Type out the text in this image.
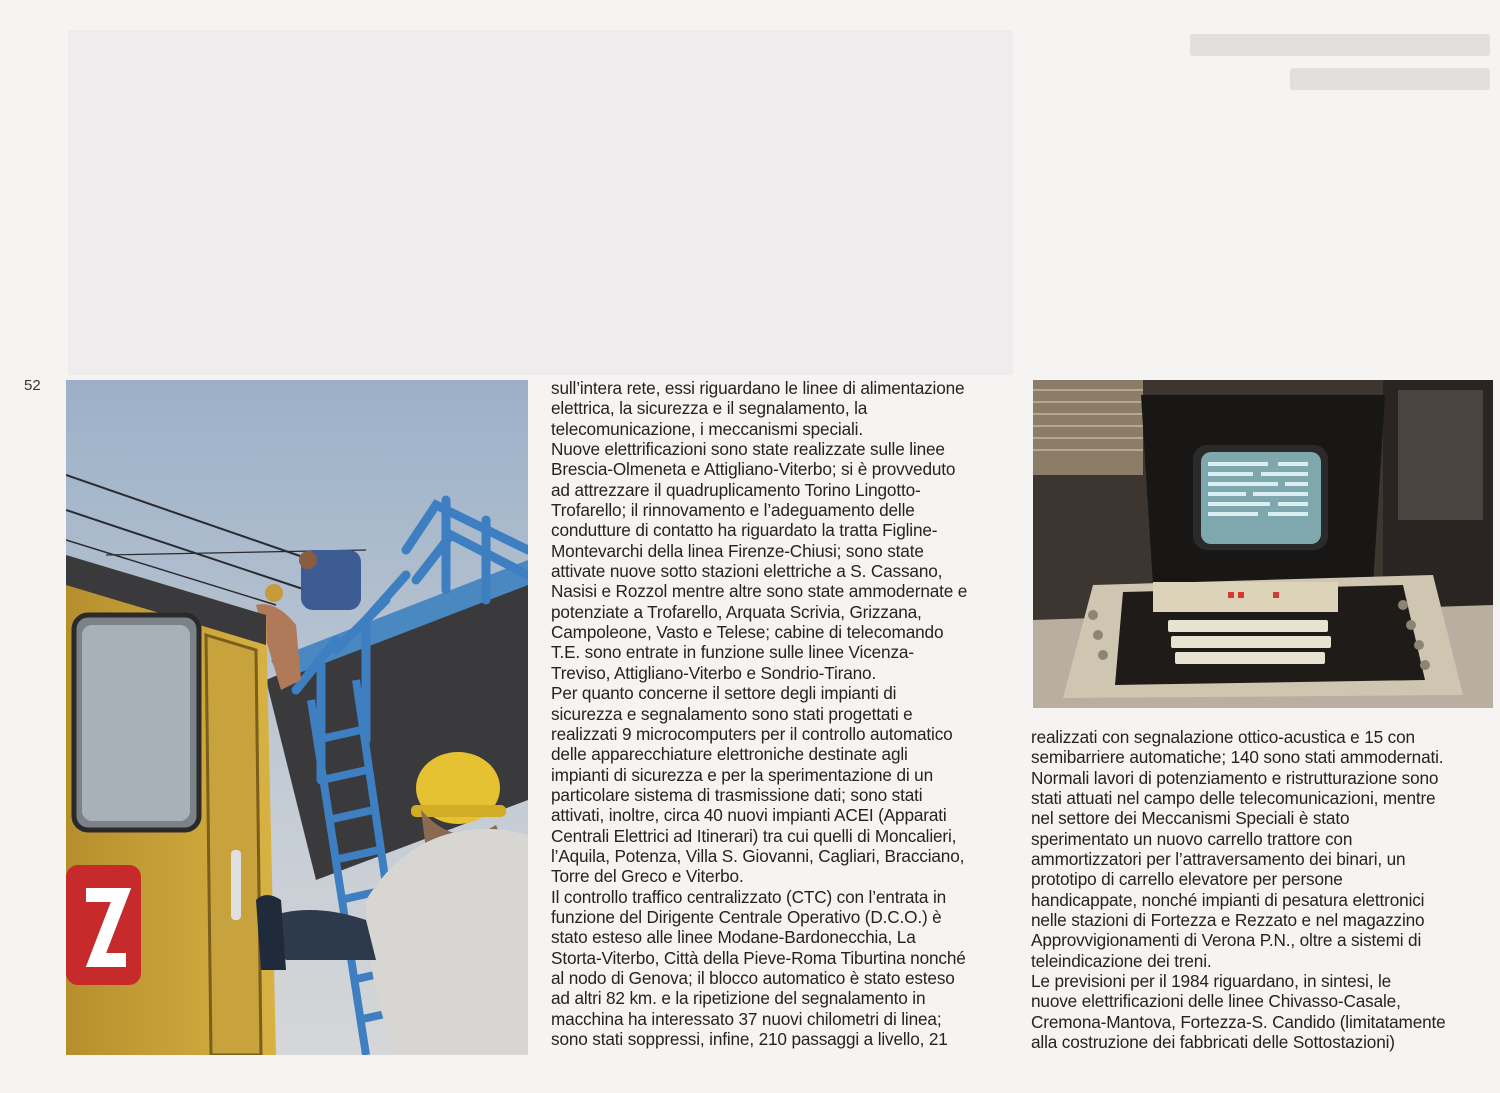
52	sull’intera rete, essi riguardano le linee di alimentazione
elettrica, la sicurezza e il segnalamento, la
telecomunicazione, i meccanismi speciali.
Nuove elettrificazioni sono state realizzate sulle linee
Brescia-Olmeneta e Attigliano-Viterbo; si è provveduto
ad attrezzare il quadruplicamento Torino Lingotto-
Trofarello; il rinnovamento e l’adeguamento delle
condutture di contatto ha riguardato la tratta Figline-
Montevarchi della linea Firenze-Chiusi; sono state
attivate nuove sotto stazioni elettriche a S. Cassano,
Nasisi e Rozzol mentre altre sono state ammodernate e
potenziate a Trofarello, Arquata Scrivia, Grizzana,
Campoleone, Vasto e Telese; cabine di telecomando
T.E. sono entrate in funzione sulle linee Vicenza-
Treviso, Attigliano-Viterbo e Sondrio-Tirano.
Per quanto concerne il settore degli impianti di
sicurezza e segnalamento sono stati progettati e
realizzati 9 microcomputers per il controllo automatico
delle apparecchiature elettroniche destinate agli
impianti di sicurezza e per la sperimentazione di un
particolare sistema di trasmissione dati; sono stati
attivati, inoltre, circa 40 nuovi impianti ACEI (Apparati
Centrali Elettrici ad Itinerari) tra cui quelli di Moncalieri,
l’Aquila, Potenza, Villa S. Giovanni, Cagliari, Bracciano,
Torre del Greco e Viterbo.
Il controllo traffico centralizzato (CTC) con l’entrata in
funzione del Dirigente Centrale Operativo (D.C.O.) è
stato esteso alle linee Modane-Bardonecchia, La
Storta-Viterbo, Città della Pieve-Roma Tiburtina nonché
al nodo di Genova; il blocco automatico è stato esteso
ad altri 82 km. e la ripetizione del segnalamento in
macchina ha interessato 37 nuovi chilometri di linea;
sono stati soppressi, infine, 210 passaggi a livello, 21
realizzati con segnalazione ottico-acustica e 15 con
semibarriere automatiche; 140 sono stati ammodernati.
Normali lavori di potenziamento e ristrutturazione sono
stati attuati nel campo delle telecomunicazioni, mentre
nel settore dei Meccanismi Speciali è stato
sperimentato un nuovo carrello trattore con
ammortizzatori per l’attraversamento dei binari, un
prototipo di carrello elevatore per persone
handicappate, nonché impianti di pesatura elettronici
nelle stazioni di Fortezza e Rezzato e nel magazzino
Approvvigionamenti di Verona P.N., oltre a sistemi di
teleindicazione dei treni.
Le previsioni per il 1984 riguardano, in sintesi, le
nuove elettrificazioni delle linee Chivasso-Casale,
Cremona-Mantova, Fortezza-S. Candido (limitatamente
alla costruzione dei fabbricati delle Sottostazioni)
